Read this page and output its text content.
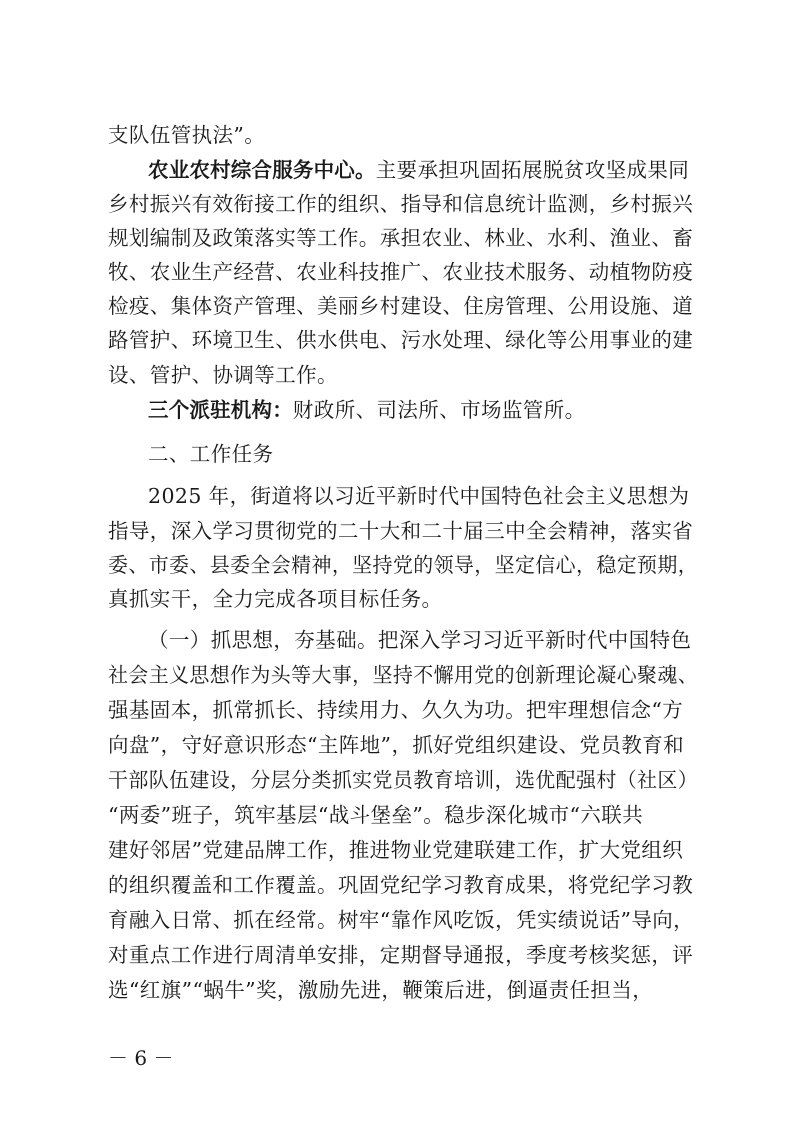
支队伍管执法”。
农业农村综合服务中心。主要承担巩固拓展脱贫攻坚成果同
乡村振兴有效衔接工作的组织、指导和信息统计监测，乡村振兴
规划编制及政策落实等工作。承担农业、林业、水利、渔业、畜
牧、农业生产经营、农业科技推广、农业技术服务、动植物防疫
检疫、集体资产管理、美丽乡村建设、住房管理、公用设施、道
路管护、环境卫生、供水供电、污水处理、绿化等公用事业的建
设、管护、协调等工作。
三个派驻机构：财政所、司法所、市场监管所。
二、工作任务
2025 年，街道将以习近平新时代中国特色社会主义思想为
指导，深入学习贯彻党的二十大和二十届三中全会精神，落实省
委、市委、县委全会精神，坚持党的领导，坚定信心，稳定预期，
真抓实干，全力完成各项目标任务。
（一）抓思想，夯基础。把深入学习习近平新时代中国特色
社会主义思想作为头等大事，坚持不懈用党的创新理论凝心聚魂、
强基固本，抓常抓长、持续用力、久久为功。把牢理想信念“方
向盘”，守好意识形态“主阵地”，抓好党组织建设、党员教育和
干部队伍建设，分层分类抓实党员教育培训，选优配强村（社区）
“两委”班子，筑牢基层“战斗堡垒”。稳步深化城市“六联共
建好邻居”党建品牌工作，推进物业党建联建工作，扩大党组织
的组织覆盖和工作覆盖。巩固党纪学习教育成果，将党纪学习教
育融入日常、抓在经常。树牢“靠作风吃饭，凭实绩说话”导向，
对重点工作进行周清单安排，定期督导通报，季度考核奖惩，评
选“红旗”“蜗牛”奖，激励先进，鞭策后进，倒逼责任担当，
－ 6 －
